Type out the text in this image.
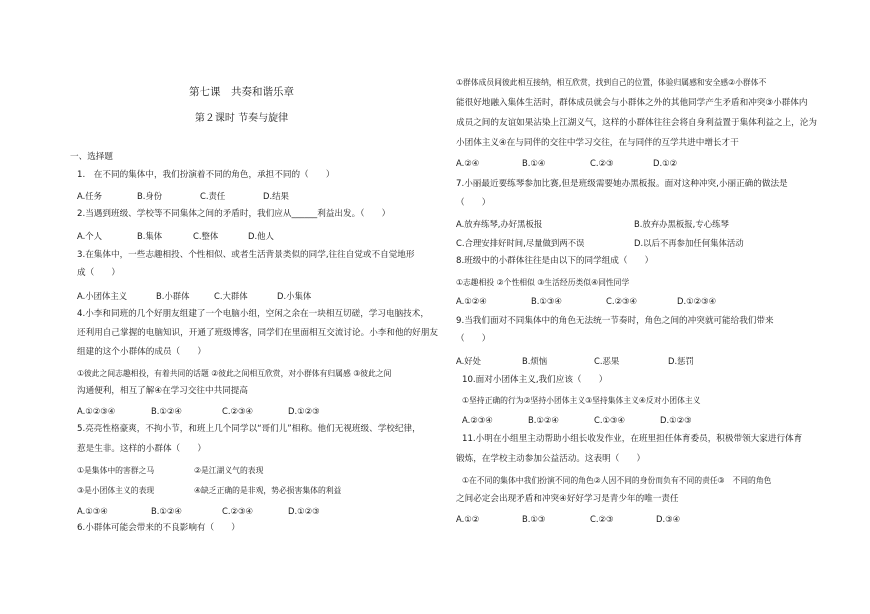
第七课　共奏和谐乐章
第２课时 节奏与旋律
一、选择题
1.　在不同的集体中，我们扮演着不同的角色，承担不同的（　　）
A.任务	B.身份	C.责任	D.结果
2.当遇到班级、学校等不同集体之间的矛盾时，我们应从______利益出发。（　　）
A.个人	B.集体	C.整体	D.他人
3.在集体中，一些志趣相投、个性相似、或者生活背景类似的同学,往往自觉或不自觉地形
成（　　）
A.小团体主义	B.小群体	C.大群体	D.小集体
4.小李和同班的几个好朋友组建了一个电脑小组，空闲之余在一块相互切磋，学习电脑技术，
还利用自己掌握的电脑知识，开通了班级博客，同学们在里面相互交流讨论。小李和他的好朋友
组建的这个小群体的成员（　　）
①彼此之间志趣相投，有着共同的话题 ②彼此之间相互欣赏，对小群体有归属感 ③彼此之间
沟通便利，相互了解④在学习交往中共同提高
A.①②③④	B.①②④	C.②③④	D.①②③
5.亮亮性格豪爽，不拘小节，和班上几个同学以“哥们儿”相称。他们无视班级、学校纪律，
惹是生非。这样的小群体（　　）
①是集体中的害群之马	②是江湖义气的表现
③是小团体主义的表现	④缺乏正确的是非观，势必损害集体的利益
A.①③④	B.①②④	C.②③④	D.①②③
6.小群体可能会带来的不良影响有（　　）
①群体成员间彼此相互接纳，相互欣赏，找到自己的位置，体验归属感和安全感②小群体不
能很好地融入集体生活时，群体成员就会与小群体之外的其他同学产生矛盾和冲突③小群体内
成员之间的友谊如果沾染上江湖义气，这样的小群体往往会将自身利益置于集体利益之上，沦为
小团体主义④在与同伴的交往中学习交往，在与同伴的互学共进中增长才干
A.②④	B.①④	C.②③	D.①②
7.小丽最近要练琴参加比赛,但是班级需要她办黑板报。面对这种冲突,小丽正确的做法是
（　　）
A.放弃练琴,办好黑板报	B.放弃办黑板报,专心练琴
C.合理安排好时间,尽量做到两不误	D.以后不再参加任何集体活动
8.班级中的小群体往往是由以下的同学组成（　　）
①志趣相投 ②个性相似 ③生活经历类似④同性同学
A.①②④	B.①③④	C.②③④	D.①②③④
9.当我们面对不同集体中的角色无法统一节奏时，角色之间的冲突就可能给我们带来
（　　）
A.好处	B.烦恼	C.恶果	D.惩罚
10.面对小团体主义,我们应该（　　）
①坚持正确的行为②坚持小团体主义③坚持集体主义④反对小团体主义
A.②③④	B.①②④	C.①③④	D.①②③
11.小明在小组里主动帮助小组长收发作业，在班里担任体育委员，积极带领大家进行体育
锻炼，在学校主动参加公益活动。这表明（　　）
①在不同的集体中我们扮演不同的角色②人因不同的身份而负有不同的责任③　不同的角色
之间必定会出现矛盾和冲突④好好学习是青少年的唯一责任
A.①②	B.①③	C.②③	D.③④
